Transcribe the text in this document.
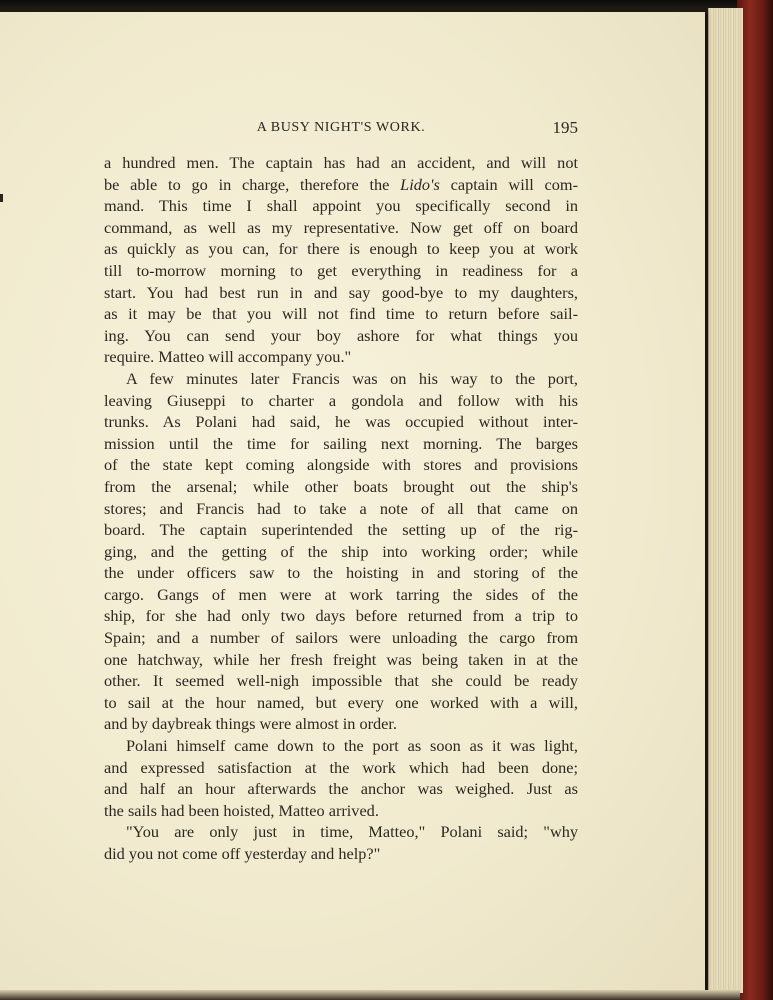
A BUSY NIGHT'S WORK.	195
a hundred men. The captain has had an accident, and will not
be able to go in charge, therefore the Lido's captain will com-
mand. This time I shall appoint you specifically second in
command, as well as my representative. Now get off on board
as quickly as you can, for there is enough to keep you at work
till to-morrow morning to get everything in readiness for a
start. You had best run in and say good-bye to my daughters,
as it may be that you will not find time to return before sail-
ing. You can send your boy ashore for what things you
require. Matteo will accompany you."
A few minutes later Francis was on his way to the port,
leaving Giuseppi to charter a gondola and follow with his
trunks. As Polani had said, he was occupied without inter-
mission until the time for sailing next morning. The barges
of the state kept coming alongside with stores and provisions
from the arsenal; while other boats brought out the ship's
stores; and Francis had to take a note of all that came on
board. The captain superintended the setting up of the rig-
ging, and the getting of the ship into working order; while
the under officers saw to the hoisting in and storing of the
cargo. Gangs of men were at work tarring the sides of the
ship, for she had only two days before returned from a trip to
Spain; and a number of sailors were unloading the cargo from
one hatchway, while her fresh freight was being taken in at the
other. It seemed well-nigh impossible that she could be ready
to sail at the hour named, but every one worked with a will,
and by daybreak things were almost in order.
Polani himself came down to the port as soon as it was light,
and expressed satisfaction at the work which had been done;
and half an hour afterwards the anchor was weighed. Just as
the sails had been hoisted, Matteo arrived.
"You are only just in time, Matteo," Polani said; "why
did you not come off yesterday and help?"
